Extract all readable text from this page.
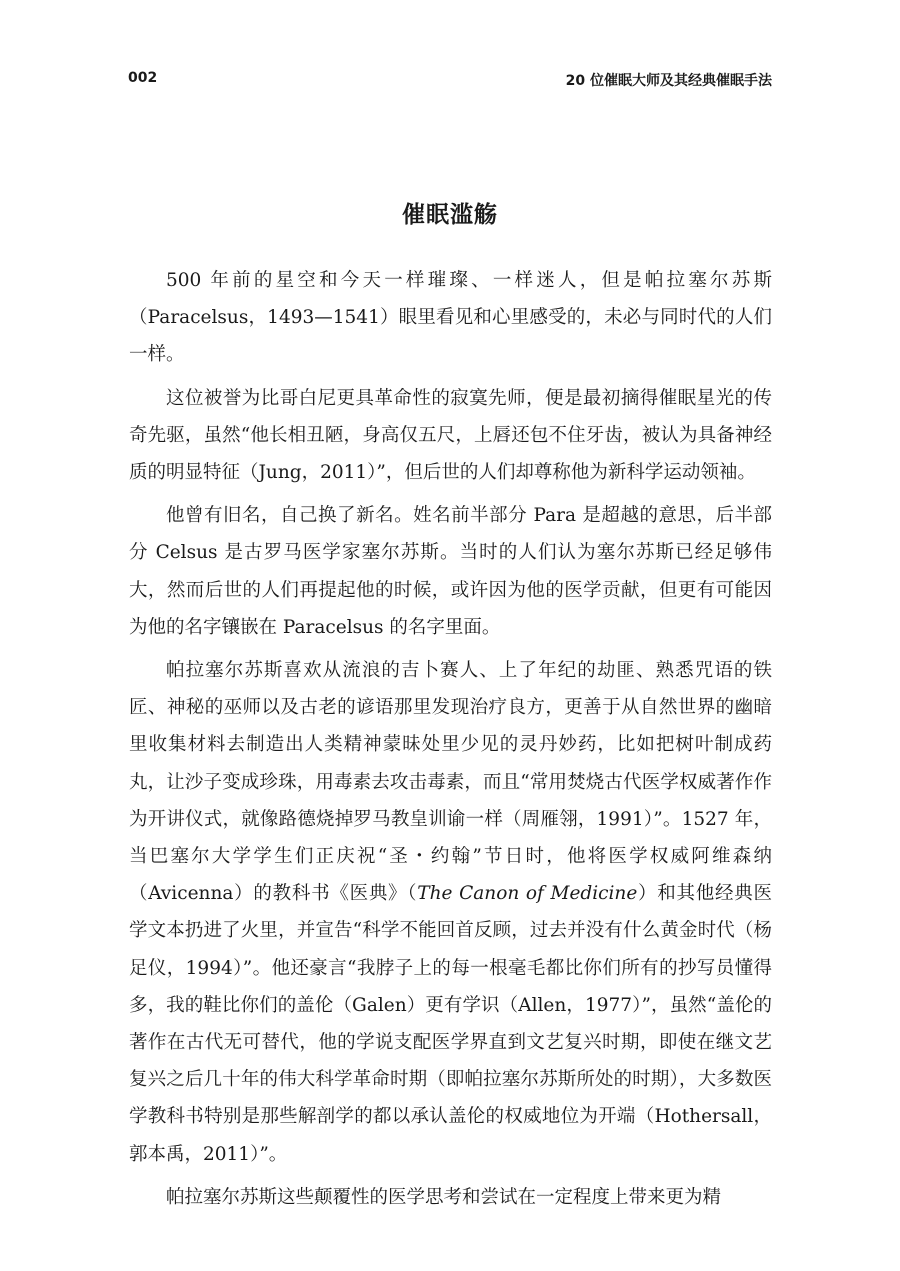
002	20 位催眠大师及其经典催眠手法
催眠滥觞

500 年前的星空和今天一样璀璨、一样迷人，但是帕拉塞尔苏斯（Paracelsus，1493—1541）眼里看见和心里感受的，未必与同时代的人们一样。

这位被誉为比哥白尼更具革命性的寂寞先师，便是最初摘得催眠星光的传奇先驱，虽然“他长相丑陋，身高仅五尺，上唇还包不住牙齿，被认为具备神经质的明显特征（Jung，2011）”，但后世的人们却尊称他为新科学运动领袖。

他曾有旧名，自己换了新名。姓名前半部分 Para 是超越的意思，后半部分 Celsus 是古罗马医学家塞尔苏斯。当时的人们认为塞尔苏斯已经足够伟大，然而后世的人们再提起他的时候，或许因为他的医学贡献，但更有可能因为他的名字镶嵌在 Paracelsus 的名字里面。

帕拉塞尔苏斯喜欢从流浪的吉卜赛人、上了年纪的劫匪、熟悉咒语的铁匠、神秘的巫师以及古老的谚语那里发现治疗良方，更善于从自然世界的幽暗里收集材料去制造出人类精神蒙昧处里少见的灵丹妙药，比如把树叶制成药丸，让沙子变成珍珠，用毒素去攻击毒素，而且“常用焚烧古代医学权威著作作为开讲仪式，就像路德烧掉罗马教皇训谕一样（周雁翎，1991）”。1527 年，当巴塞尔大学学生们正庆祝“圣・约翰”节日时，他将医学权威阿维森纳（Avicenna）的教科书《医典》（The Canon of Medicine）和其他经典医学文本扔进了火里，并宣告“科学不能回首反顾，过去并没有什么黄金时代（杨足仪，1994）”。他还豪言“我脖子上的每一根毫毛都比你们所有的抄写员懂得多，我的鞋比你们的盖伦（Galen）更有学识（Allen，1977）”，虽然“盖伦的著作在古代无可替代，他的学说支配医学界直到文艺复兴时期，即使在继文艺复兴之后几十年的伟大科学革命时期（即帕拉塞尔苏斯所处的时期），大多数医学教科书特别是那些解剖学的都以承认盖伦的权威地位为开端（Hothersall，郭本禹，2011）”。

帕拉塞尔苏斯这些颠覆性的医学思考和尝试在一定程度上带来更为精
